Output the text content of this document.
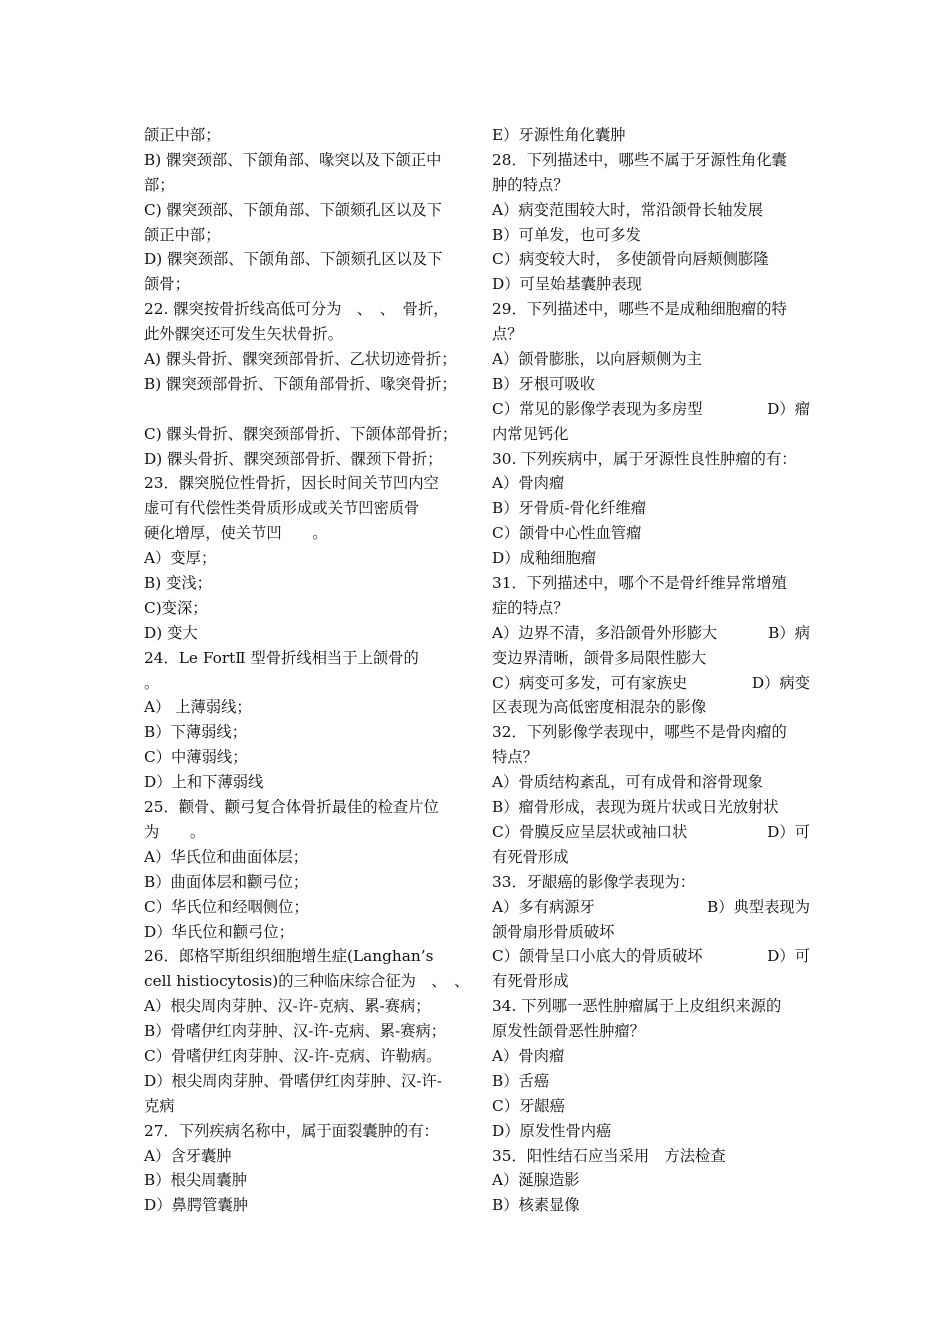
颌正中部；
B) 髁突颈部、下颌角部、喙突以及下颌正中
部；
C) 髁突颈部、下颌角部、下颌颏孔区以及下
颌正中部；
D) 髁突颈部、下颌角部、下颌颏孔区以及下
颌骨；
22. 髁突按骨折线高低可分为　、　、　骨折，
此外髁突还可发生矢状骨折。
A) 髁头骨折、髁突颈部骨折、乙状切迹骨折；
B) 髁突颈部骨折、下颌角部骨折、喙突骨折；
C) 髁头骨折、髁突颈部骨折、下颌体部骨折；
D) 髁头骨折、髁突颈部骨折、髁颈下骨折；
23．髁突脱位性骨折，因长时间关节凹内空
虚可有代偿性类骨质形成或关节凹密质骨
硬化增厚，使关节凹　　。
A）变厚；
B) 变浅；
C)变深；
D) 变大
24．Le FortⅡ 型骨折线相当于上颌骨的
。
A） 上薄弱线；
B）下薄弱线；
C）中薄弱线；
D）上和下薄弱线
25．颧骨、颧弓复合体骨折最佳的检查片位
为　　。
A）华氏位和曲面体层；
B）曲面体层和颧弓位；
C）华氏位和经咽侧位；
D）华氏位和颧弓位；
26．郎格罕斯组织细胞增生症(Langhan’s
cell histiocytosis)的三种临床综合征为　、　、
A）根尖周肉芽肿、汉-许-克病、累-赛病；
B）骨嗜伊红肉芽肿、汉-许-克病、累-赛病；
C）骨嗜伊红肉芽肿、汉-许-克病、许勒病。
D）根尖周肉芽肿、骨嗜伊红肉芽肿、汉-许-
克病
27．下列疾病名称中，属于面裂囊肿的有：
A）含牙囊肿
B）根尖周囊肿
D）鼻腭管囊肿
E）牙源性角化囊肿
28．下列描述中，哪些不属于牙源性角化囊
肿的特点？
A）病变范围较大时，常沿颌骨长轴发展
B）可单发，也可多发
C）病变较大时， 多使颌骨向唇颊侧膨隆
D）可呈始基囊肿表现
29．下列描述中，哪些不是成釉细胞瘤的特
点？
A）颌骨膨胀，以向唇颊侧为主
B）牙根可吸收
C）常见的影像学表现为多房型	D）瘤
内常见钙化
30. 下列疾病中，属于牙源性良性肿瘤的有：
A）骨肉瘤
B）牙骨质-骨化纤维瘤
C）颌骨中心性血管瘤
D）成釉细胞瘤
31．下列描述中，哪个不是骨纤维异常增殖
症的特点？
A）边界不清，多沿颌骨外形膨大	B）病
变边界清晰，颌骨多局限性膨大
C）病变可多发，可有家族史	D）病变
区表现为高低密度相混杂的影像
32．下列影像学表现中，哪些不是骨肉瘤的
特点？
A）骨质结构紊乱，可有成骨和溶骨现象
B）瘤骨形成，表现为斑片状或日光放射状
C）骨膜反应呈层状或袖口状	D）可
有死骨形成
33．牙龈癌的影像学表现为：
A）多有病源牙	B）典型表现为
颌骨扇形骨质破坏
C）颌骨呈口小底大的骨质破坏	D）可
有死骨形成
34. 下列哪一恶性肿瘤属于上皮组织来源的
原发性颌骨恶性肿瘤？
A）骨肉瘤
B）舌癌
C）牙龈癌
D）原发性骨内癌
35．阳性结石应当采用　方法检查
A）涎腺造影
B）核素显像
